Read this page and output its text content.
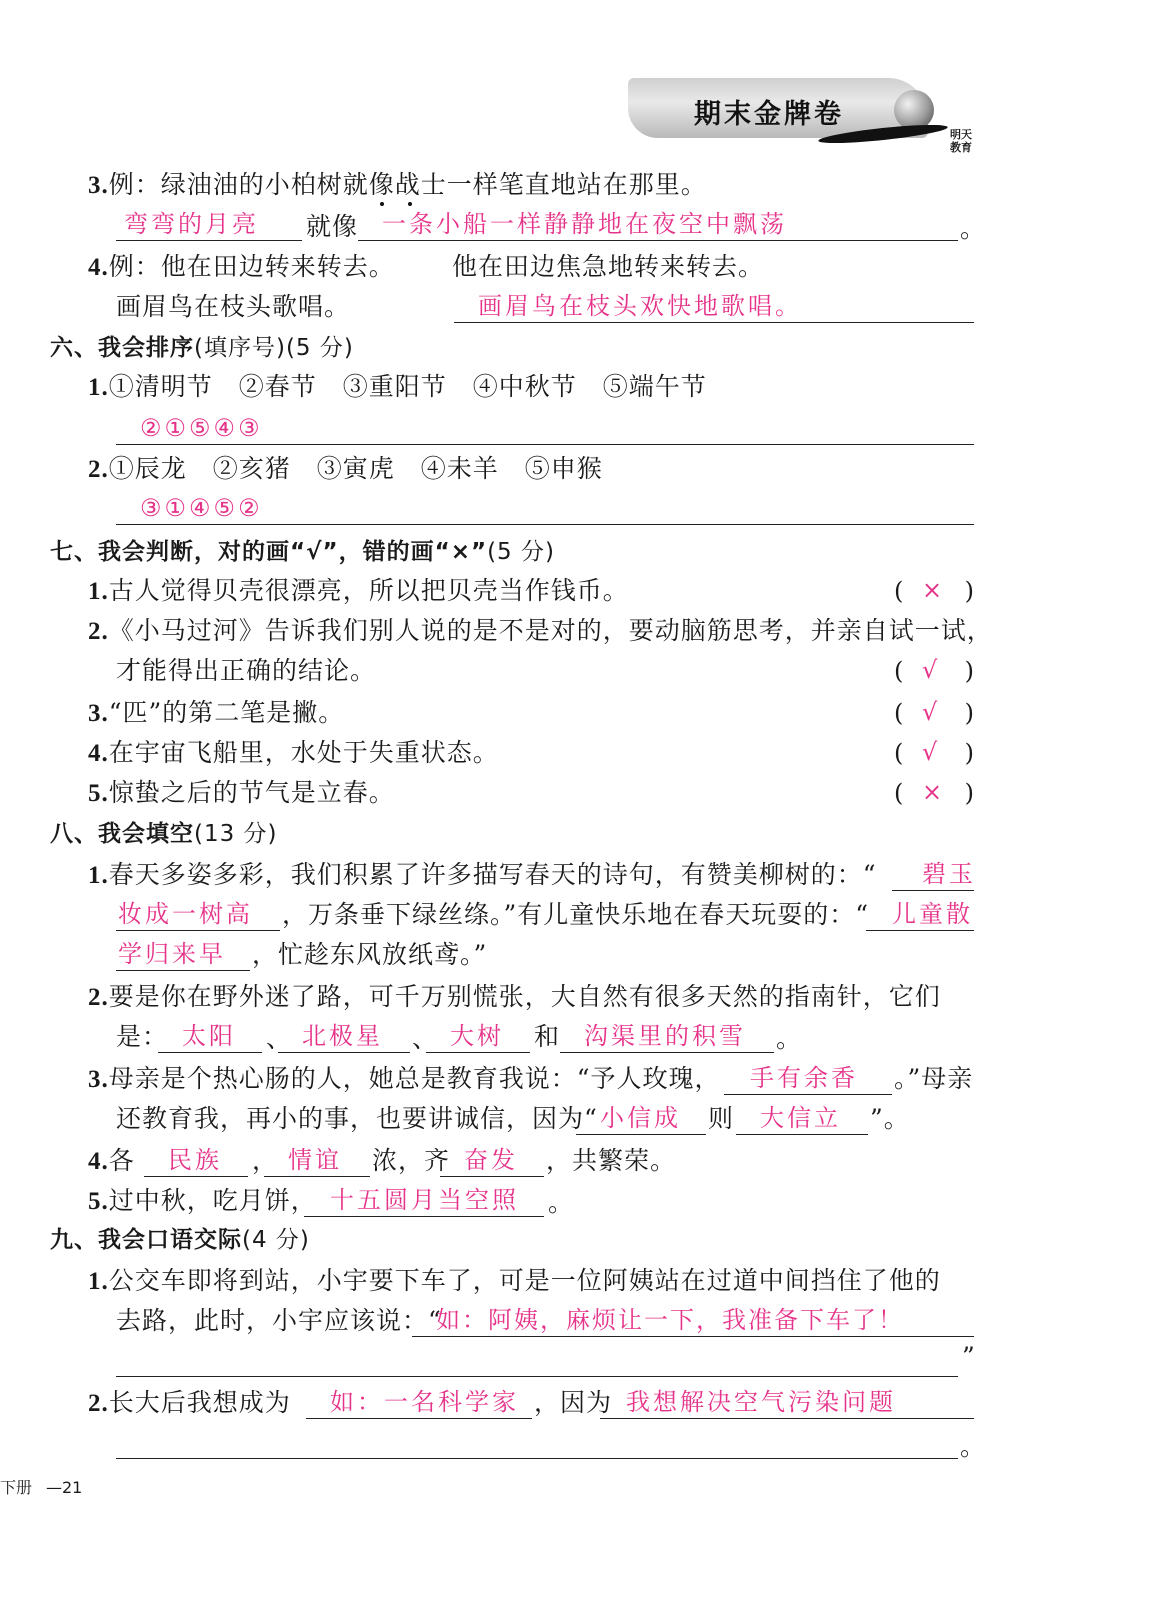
期末金牌卷
明天教育
3.例：绿油油的小柏树就像战士一样笔直地站在那里。
弯弯的月亮 就像 一条小船一样静静地在夜空中飘荡	。
4.例：他在田边转来转去。 他在田边焦急地转来转去。
画眉鸟在枝头歌唱。	画眉鸟在枝头欢快地歌唱。
六、我会排序(填序号)(5 分)
1.①清明节　②春节　③重阳节　④中秋节　⑤端午节
②①⑤④③
2.①辰龙　②亥猪　③寅虎　④未羊　⑤申猴
③①④⑤②
七、我会判断，对的画“√”，错的画“×”(5 分)
1.古人觉得贝壳很漂亮，所以把贝壳当作钱币。	( × )
2.《小马过河》告诉我们别人说的是不是对的，要动脑筋思考，并亲自试一试，
才能得出正确的结论。	( √ )
3.“匹”的第二笔是撇。	( √ )
4.在宇宙飞船里，水处于失重状态。	( √ )
5.惊蛰之后的节气是立春。	( × )
八、我会填空(13 分)
1.春天多姿多彩，我们积累了许多描写春天的诗句，有赞美柳树的：“ 碧玉
妆成一树高 ，万条垂下绿丝绦。”有儿童快乐地在春天玩耍的：“ 儿童散
学归来早 ，忙趁东风放纸鸢。”
2.要是你在野外迷了路，可千万别慌张，大自然有很多天然的指南针，它们
是： 太阳 、 北极星 、 大树 和 沟渠里的积雪 。
3.母亲是个热心肠的人，她总是教育我说：“予人玫瑰， 手有余香 。”母亲
还教育我，再小的事，也要讲诚信，因为“ 小信成 则 大信立 ”。
4.各 民族 ， 情谊 浓，齐 奋发 ，共繁荣。
5.过中秋，吃月饼， 十五圆月当空照 。
九、我会口语交际(4 分)
1.公交车即将到站，小宇要下车了，可是一位阿姨站在过道中间挡住了他的
去路，此时，小宇应该说：“
如：阿姨，麻烦让一下，我准备下车了！
”
2.长大后我想成为 如：一名科学家 ，因为 我想解决空气污染问题
。
下册 —21
